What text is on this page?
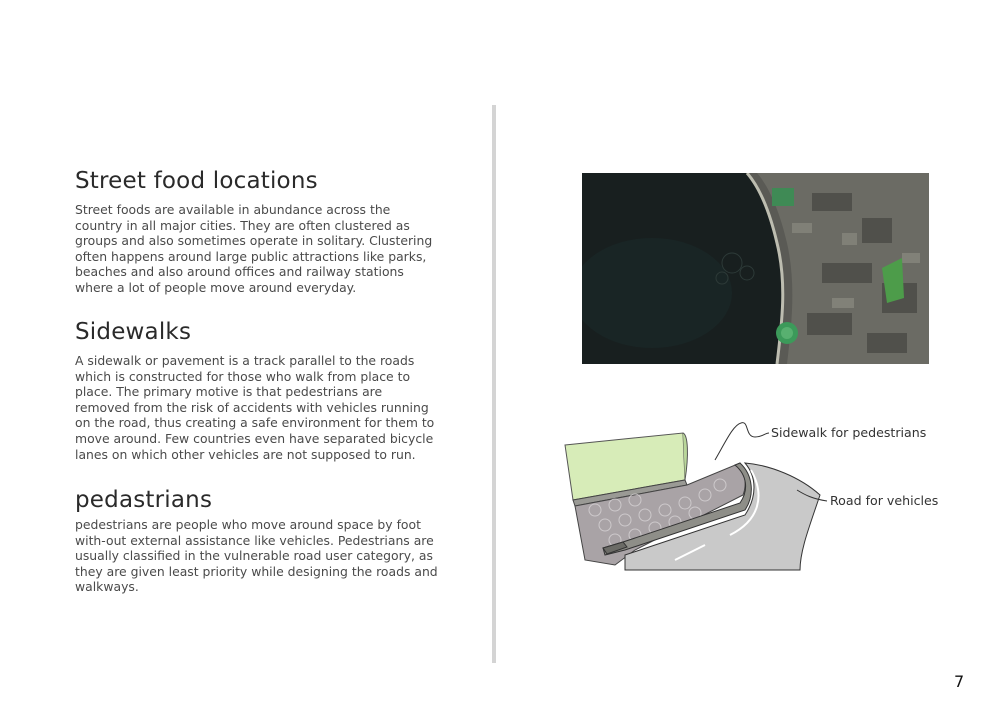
Street food locations

Street foods are available in abundance across the country in all major cities. They are often clustered as groups and also sometimes operate in solitary. Clustering often happens around large public attractions like parks, beaches and also around offices and railway stations where a lot of people move around everyday.

Sidewalks

A sidewalk or pavement is a track parallel to the roads which is constructed for those who walk from place to place. The primary motive is that pedestrians are removed from the risk of accidents with vehicles running on the road, thus creating a safe environment for them to move around. Few countries even have separated bicycle lanes on which other vehicles are not supposed to run.

pedastrians

pedestrians are people who move around space by foot with-out external assistance like vehicles. Pedestrians are usually classified in the vulnerable road user category, as they are given least priority while designing the roads and walkways.

Sidewalk for pedestrians
Road for vehicles
7
